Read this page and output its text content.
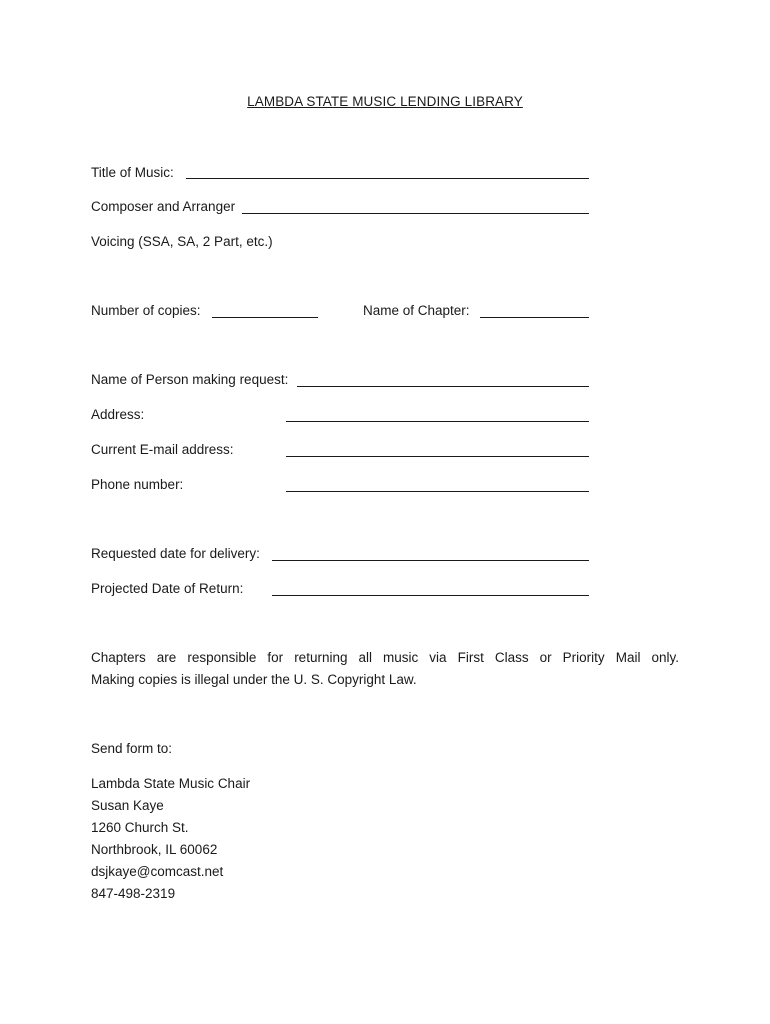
LAMBDA STATE MUSIC LENDING LIBRARY
Title of Music:
Composer and Arranger
Voicing (SSA, SA, 2 Part, etc.)
Number of copies:	Name of Chapter:
Name of Person making request:
Address:
Current E-mail address:
Phone number:
Requested date for delivery:
Projected Date of Return:
Chapters are responsible for returning all music via First Class or Priority Mail only.
Making copies is illegal under the U. S. Copyright Law.
Send form to:
Lambda State Music Chair
Susan Kaye
1260 Church St.
Northbrook, IL 60062
dsjkaye@comcast.net
847-498-2319
